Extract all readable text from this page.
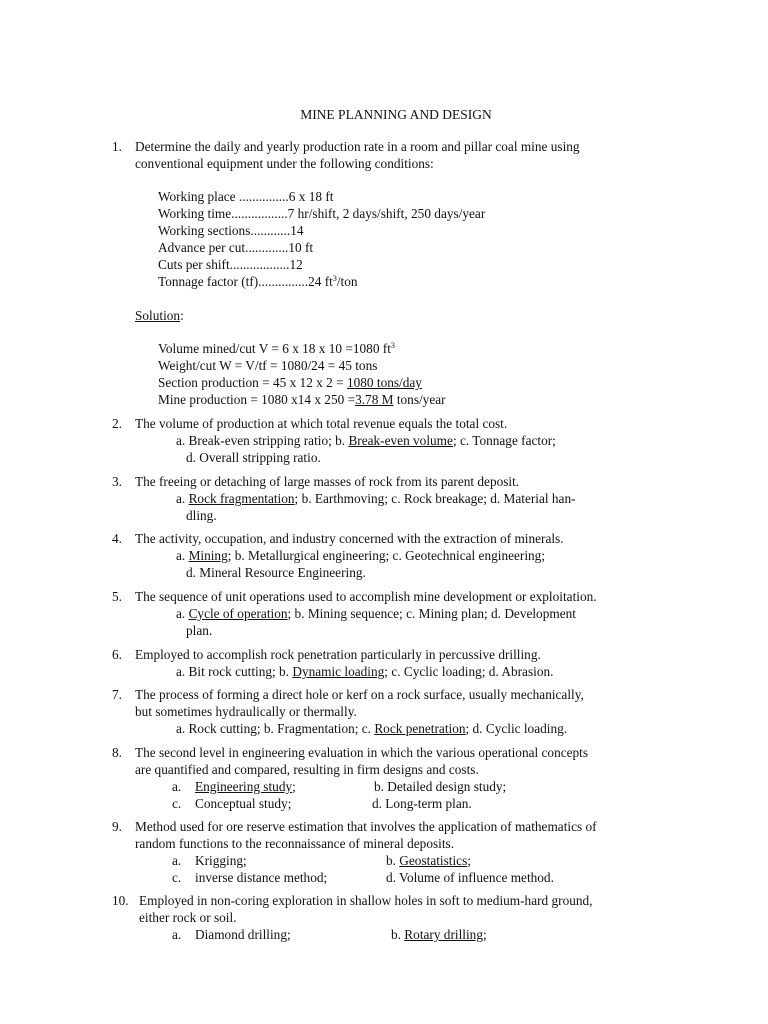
MINE PLANNING AND DESIGN
1. Determine the daily and yearly production rate in a room and pillar coal mine using
conventional equipment under the following conditions:
Working place ...............6 x 18 ft
Working time.................7 hr/shift, 2 days/shift, 250 days/year
Working sections............14
Advance per cut.............10 ft
Cuts per shift..................12
Tonnage factor (tf)...............24 $ft^3$/ton
Solution:
Volume mined/cut V = 6 x 18 x 10 =1080 $ft^3$
Weight/cut W = V/tf = 1080/24 = 45 tons
Section production = 45 x 12 x 2 = 1080 tons/day
Mine production = 1080 x14 x 250 =3.78 M tons/year
2. The volume of production at which total revenue equals the total cost.
a. Break-even stripping ratio; b. Break-even volume; c. Tonnage factor;
d. Overall stripping ratio.
3. The freeing or detaching of large masses of rock from its parent deposit.
a. Rock fragmentation; b. Earthmoving; c. Rock breakage; d. Material han-
dling.
4. The activity, occupation, and industry concerned with the extraction of minerals.
a. Mining; b. Metallurgical engineering; c. Geotechnical engineering;
d. Mineral Resource Engineering.
5. The sequence of unit operations used to accomplish mine development or exploitation.
a. Cycle of operation; b. Mining sequence; c. Mining plan; d. Development
plan.
6. Employed to accomplish rock penetration particularly in percussive drilling.
a. Bit rock cutting; b. Dynamic loading; c. Cyclic loading; d. Abrasion.
7. The process of forming a direct hole or kerf on a rock surface, usually mechanically,
but sometimes hydraulically or thermally.
a. Rock cutting; b. Fragmentation; c. Rock penetration; d. Cyclic loading.
8. The second level in engineering evaluation in which the various operational concepts
are quantified and compared, resulting in firm designs and costs.
a. Engineering study;	b. Detailed design study;
c. Conceptual study;	d. Long-term plan.
9. Method used for ore reserve estimation that involves the application of mathematics of
random functions to the reconnaissance of mineral deposits.
a. Krigging;	b. Geostatistics;
c. inverse distance method;	d. Volume of influence method.
10. Employed in non-coring exploration in shallow holes in soft to medium-hard ground,
either rock or soil.
a. Diamond drilling;	b. Rotary drilling;
